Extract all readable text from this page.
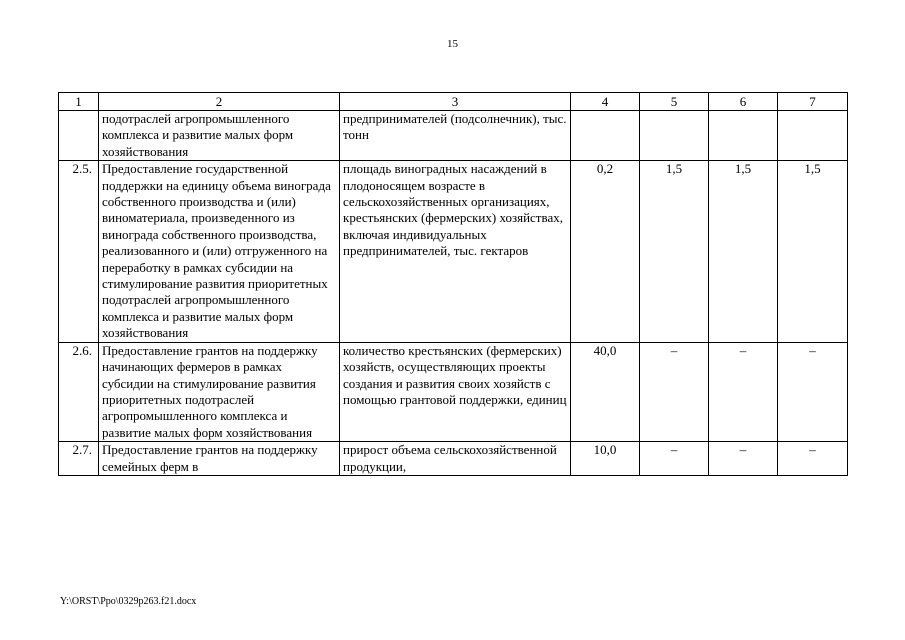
15
1	2	3	4	5	6	7
	подотраслей агропромышленного комплекса и развитие малых форм хозяйствования	предпринимателей (подсолнечник), тыс. тонн				
2.5.	Предоставление государственной поддержки на единицу объема винограда собственного производства и (или) виноматериала, произведенного из винограда собственного производства, реализованного и (или) отгруженного на переработку в рамках субсидии на стимулирование развития приоритетных подотраслей агропромышленного комплекса и развитие малых форм хозяйствования	площадь виноградных насаждений в плодоносящем возрасте в сельскохозяйственных организациях, крестьянских (фермерских) хозяйствах, включая индивидуальных предпринимателей, тыс. гектаров	0,2	1,5	1,5	1,5
2.6.	Предоставление грантов на поддержку начинающих фермеров в рамках субсидии на стимулирование развития приоритетных подотраслей агропромышленного комплекса и развитие малых форм хозяйствования	количество крестьянских (фермерских) хозяйств, осуществляющих проекты создания и развития своих хозяйств с помощью грантовой поддержки, единиц	40,0	–	–	–
2.7.	Предоставление грантов на поддержку семейных ферм в	прирост объема сельскохозяйственной продукции,	10,0	–	–	–
Y:\ORST\Ppo\0329p263.f21.docx
